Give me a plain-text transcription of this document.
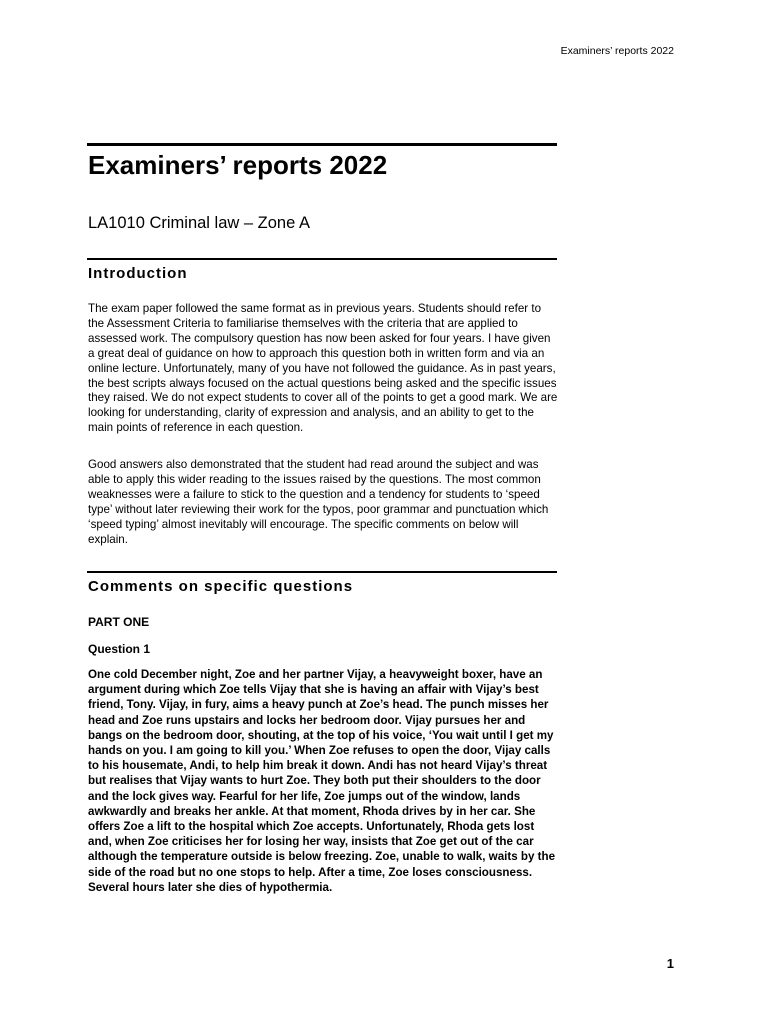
Examiners’ reports 2022
Examiners’ reports 2022
LA1010 Criminal law – Zone A
Introduction

The exam paper followed the same format as in previous years. Students should refer to the Assessment Criteria to familiarise themselves with the criteria that are applied to assessed work. The compulsory question has now been asked for four years. I have given a great deal of guidance on how to approach this question both in written form and via an online lecture. Unfortunately, many of you have not followed the guidance. As in past years, the best scripts always focused on the actual questions being asked and the specific issues they raised. We do not expect students to cover all of the points to get a good mark. We are looking for understanding, clarity of expression and analysis, and an ability to get to the main points of reference in each question.

Good answers also demonstrated that the student had read around the subject and was able to apply this wider reading to the issues raised by the questions. The most common weaknesses were a failure to stick to the question and a tendency for students to ‘speed type’ without later reviewing their work for the typos, poor grammar and punctuation which ‘speed typing’ almost inevitably will encourage. The specific comments on below will explain.

Comments on specific questions
PART ONE
Question 1

One cold December night, Zoe and her partner Vijay, a heavyweight boxer, have an argument during which Zoe tells Vijay that she is having an affair with Vijay’s best friend, Tony. Vijay, in fury, aims a heavy punch at Zoe’s head. The punch misses her head and Zoe runs upstairs and locks her bedroom door. Vijay pursues her and bangs on the bedroom door, shouting, at the top of his voice, ‘You wait until I get my hands on you. I am going to kill you.’ When Zoe refuses to open the door, Vijay calls to his housemate, Andi, to help him break it down. Andi has not heard Vijay’s threat but realises that Vijay wants to hurt Zoe. They both put their shoulders to the door and the lock gives way. Fearful for her life, Zoe jumps out of the window, lands awkwardly and breaks her ankle. At that moment, Rhoda drives by in her car. She offers Zoe a lift to the hospital which Zoe accepts. Unfortunately, Rhoda gets lost and, when Zoe criticises her for losing her way, insists that Zoe get out of the car although the temperature outside is below freezing. Zoe, unable to walk, waits by the side of the road but no one stops to help. After a time, Zoe loses consciousness. Several hours later she dies of hypothermia.

1
